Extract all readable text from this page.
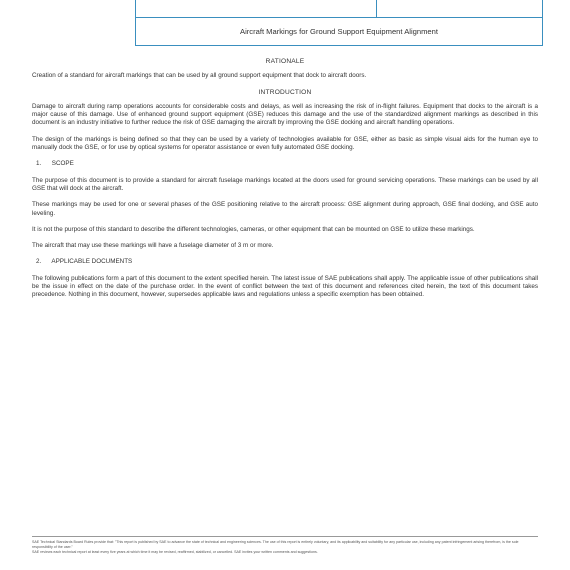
Aircraft Markings for Ground Support Equipment Alignment
RATIONALE

Creation of a standard for aircraft markings that can be used by all ground support equipment that dock to aircraft doors.

INTRODUCTION

Damage to aircraft during ramp operations accounts for considerable costs and delays, as well as increasing the risk of in-flight failures. Equipment that docks to the aircraft is a major cause of this damage. Use of enhanced ground support equipment (GSE) reduces this damage and the use of the standardized alignment markings as described in this document is an industry initiative to further reduce the risk of GSE damaging the aircraft by improving the GSE docking and aircraft handling operations.

The design of the markings is being defined so that they can be used by a variety of technologies available for GSE, either as basic as simple visual aids for the human eye to manually dock the GSE, or for use by optical systems for operator assistance or even fully automated GSE docking.

1. SCOPE

The purpose of this document is to provide a standard for aircraft fuselage markings located at the doors used for ground servicing operations. These markings can be used by all GSE that will dock at the aircraft.

These markings may be used for one or several phases of the GSE positioning relative to the aircraft process: GSE alignment during approach, GSE final docking, and GSE auto leveling.

It is not the purpose of this standard to describe the different technologies, cameras, or other equipment that can be mounted on GSE to utilize these markings.

The aircraft that may use these markings will have a fuselage diameter of 3 m or more.

2. APPLICABLE DOCUMENTS

The following publications form a part of this document to the extent specified herein. The latest issue of SAE publications shall apply. The applicable issue of other publications shall be the issue in effect on the date of the purchase order. In the event of conflict between the text of this document and references cited herein, the text of this document takes precedence. Nothing in this document, however, supersedes applicable laws and regulations unless a specific exemption has been obtained.

SAE Technical Standards Board Rules provide that: "This report is published by SAE to advance the state of technical and engineering sciences. The use of this report is entirely voluntary, and its applicability and suitability for any particular use, including any patent infringement arising therefrom, is the sole responsibility of the user."

SAE reviews each technical report at least every five years at which time it may be revised, reaffirmed, stabilized, or cancelled. SAE invites your written comments and suggestions.
